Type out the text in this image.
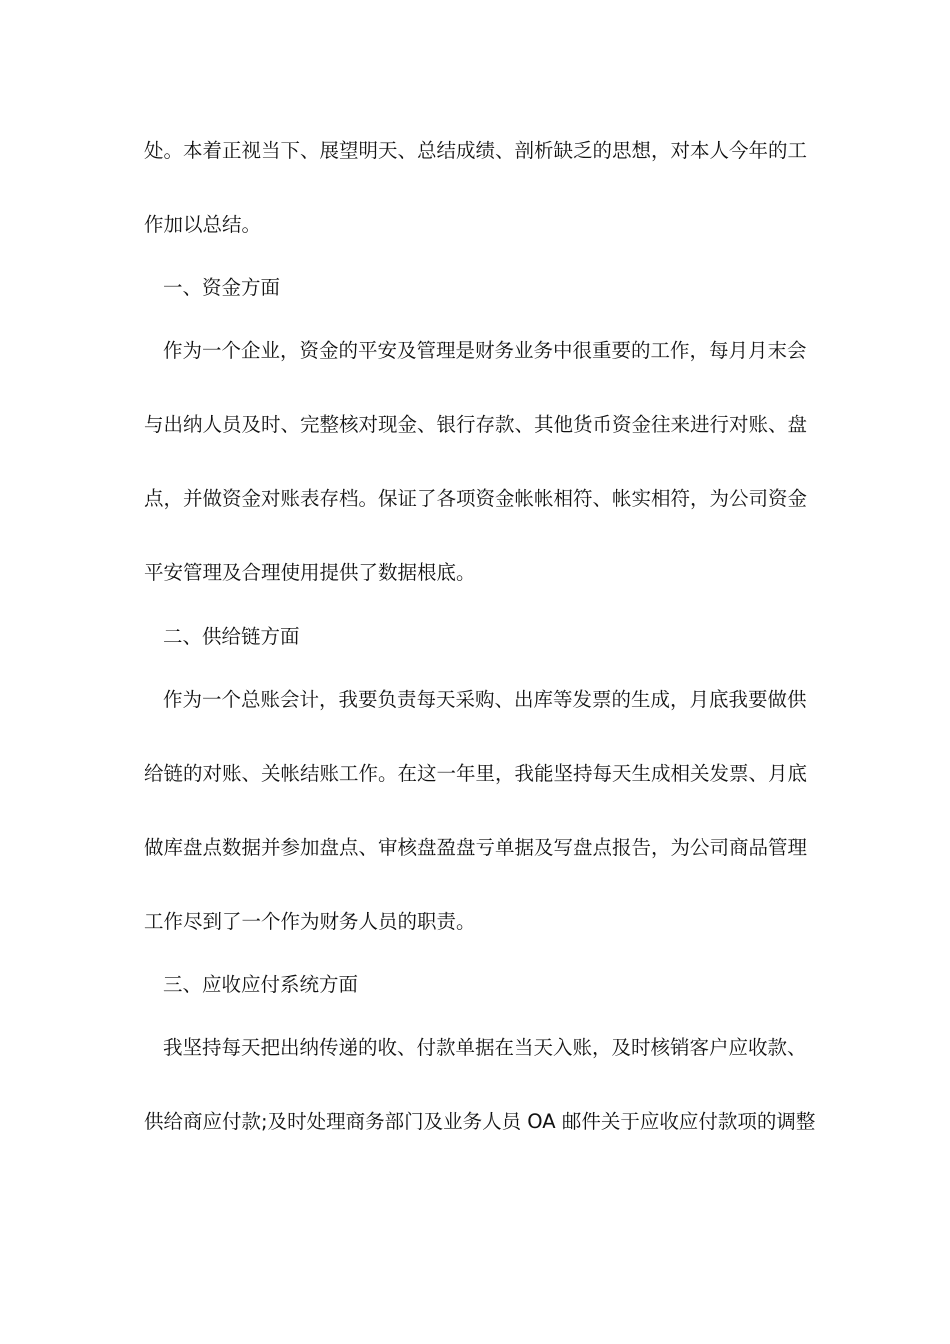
处。本着正视当下、展望明天、总结成绩、剖析缺乏的思想，对本人今年的工
作加以总结。
一、资金方面
作为一个企业，资金的平安及管理是财务业务中很重要的工作，每月月末会
与出纳人员及时、完整核对现金、银行存款、其他货币资金往来进行对账、盘
点，并做资金对账表存档。保证了各项资金帐帐相符、帐实相符，为公司资金
平安管理及合理使用提供了数据根底。
二、供给链方面
作为一个总账会计，我要负责每天采购、出库等发票的生成，月底我要做供
给链的对账、关帐结账工作。在这一年里，我能坚持每天生成相关发票、月底
做库盘点数据并参加盘点、审核盘盈盘亏单据及写盘点报告，为公司商品管理
工作尽到了一个作为财务人员的职责。
三、应收应付系统方面
我坚持每天把出纳传递的收、付款单据在当天入账，及时核销客户应收款、
供给商应付款;及时处理商务部门及业务人员 OA 邮件关于应收应付款项的调整
